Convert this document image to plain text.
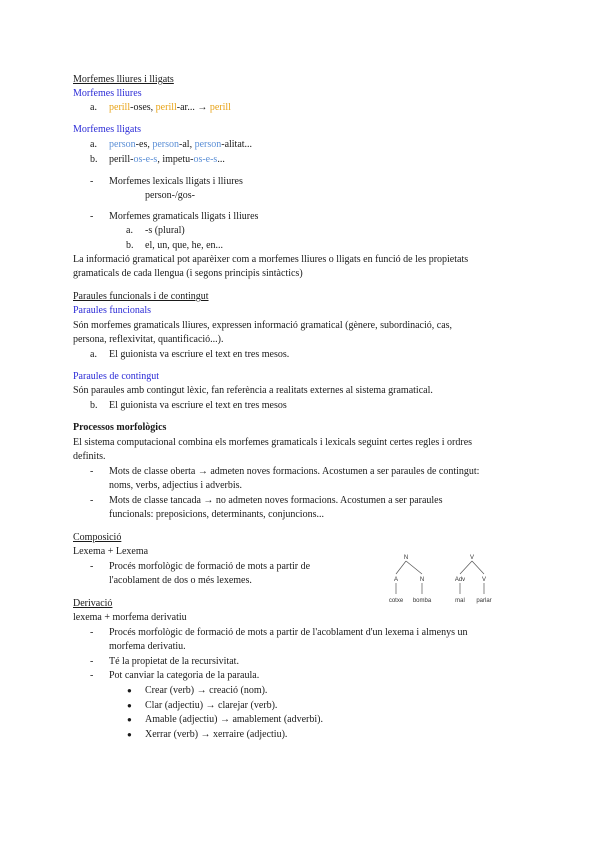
Morfemes lliures i lligats
Morfemes lliures
a.	perill-oses, perill-ar... → perill
Morfemes lligats
a.	person-es, person-al, person-alitat...
b.	perill-os-e-s, impetu-os-e-s...
-	Morfemes lexicals lligats i lliures
person-/gos-
-	Morfemes gramaticals lligats i lliures
a.	-s (plural)
b.	el, un, que, he, en...
La informació gramatical pot aparèixer com a morfemes lliures o lligats en funció de les propietats
gramaticals de cada llengua (i segons principis sintàctics)
Paraules funcionals i de contingut
Paraules funcionals
Són morfemes gramaticals lliures, expressen informació gramatical (gènere, subordinació, cas,
persona, reflexivitat, quantificació...).
a.	El guionista va escriure el text en tres mesos.
Paraules de contingut
Són paraules amb contingut lèxic, fan referència a realitats externes al sistema gramatical.
b.	El guionista va escriure el text en tres mesos
Processos morfològics
El sistema computacional combina els morfemes gramaticals i lexicals seguint certes regles i ordres
definits.
-	Mots de classe oberta → admeten noves formacions. Acostumen a ser paraules de contingut:
noms, verbs, adjectius i adverbis.
-	Mots de classe tancada → no admeten noves formacions. Acostumen a ser paraules
funcionals: preposicions, determinants, conjuncions...
Composició
Lexema + Lexema
-	Procés morfològic de formació de mots a partir de
l'acoblament de dos o més lexemes.
N
A	N
cotxe bomba
V
Adv	V
mal parlar
Derivació
lexema + morfema derivatiu
-	Procés morfològic de formació de mots a partir de l'acoblament d'un lexema i almenys un
morfema derivatiu.
-	Té la propietat de la recursivitat.
-	Pot canviar la categoria de la paraula.
●	Crear (verb) → creació (nom).
●	Clar (adjectiu) → clarejar (verb).
●	Amable (adjectiu) → amablement (adverbi).
●	Xerrar (verb) → xerraire (adjectiu).
